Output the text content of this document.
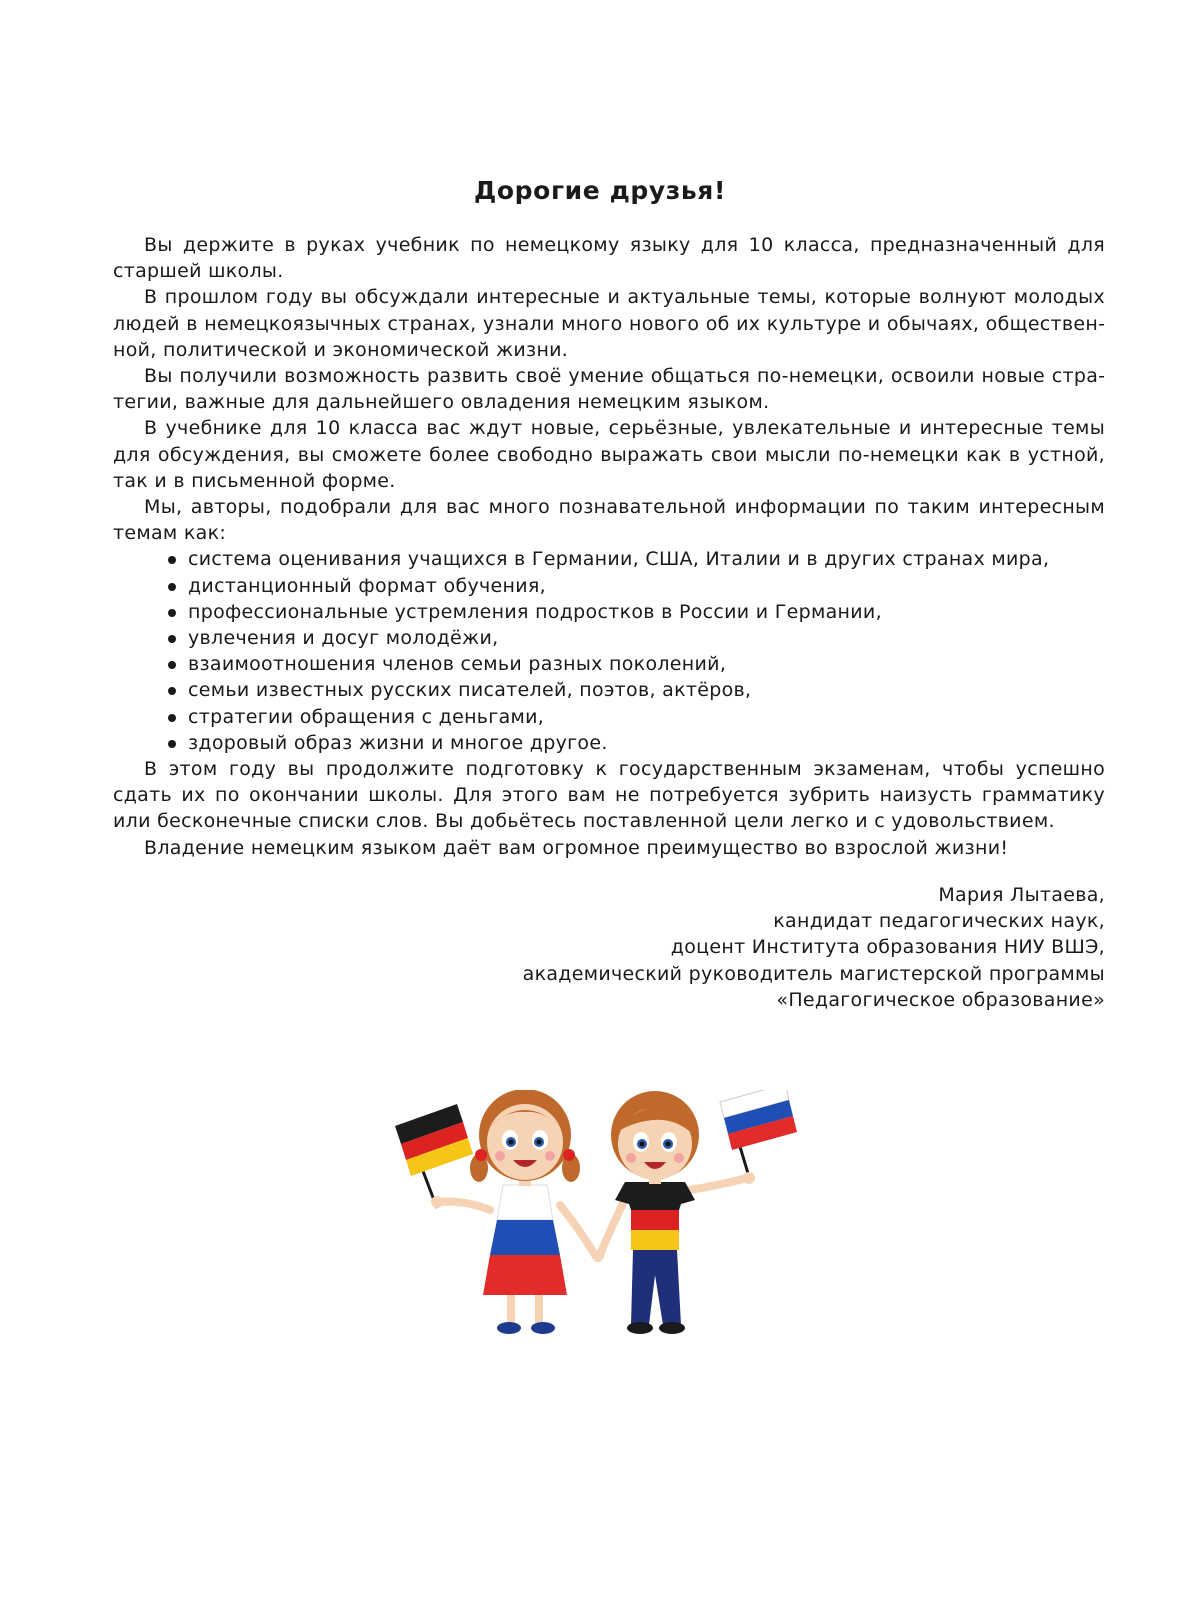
Дорогие друзья!

Вы держите в руках учебник по немецкому языку для 10 класса, предназначенный для старшей школы.

В прошлом году вы обсуждали интересные и актуальные темы, которые волнуют молодых людей в немецкоязычных странах, узнали много нового об их культуре и обычаях, общественной, политической и экономической жизни.

Вы получили возможность развить своё умение общаться по-немецки, освоили новые стратегии, важные для дальнейшего овладения немецким языком.

В учебнике для 10 класса вас ждут новые, серьёзные, увлекательные и интересные темы для обсуждения, вы сможете более свободно выражать свои мысли по-немецки как в устной, так и в письменной форме.

Мы, авторы, подобрали для вас много познавательной информации по таким интересным темам как:

система оценивания учащихся в Германии, США, Италии и в других странах мира,
дистанционный формат обучения,
профессиональные устремления подростков в России и Германии,
увлечения и досуг молодёжи,
взаимоотношения членов семьи разных поколений,
семьи известных русских писателей, поэтов, актёров,
стратегии обращения с деньгами,
здоровый образ жизни и многое другое.

В этом году вы продолжите подготовку к государственным экзаменам, чтобы успешно сдать их по окончании школы. Для этого вам не потребуется зубрить наизусть грамматику или бесконечные списки слов. Вы добьётесь поставленной цели легко и с удовольствием.

Владение немецким языком даёт вам огромное преимущество во взрослой жизни!

Мария Лытаева,
кандидат педагогических наук,
доцент Института образования НИУ ВШЭ,
академический руководитель магистерской программы
«Педагогическое образование»
